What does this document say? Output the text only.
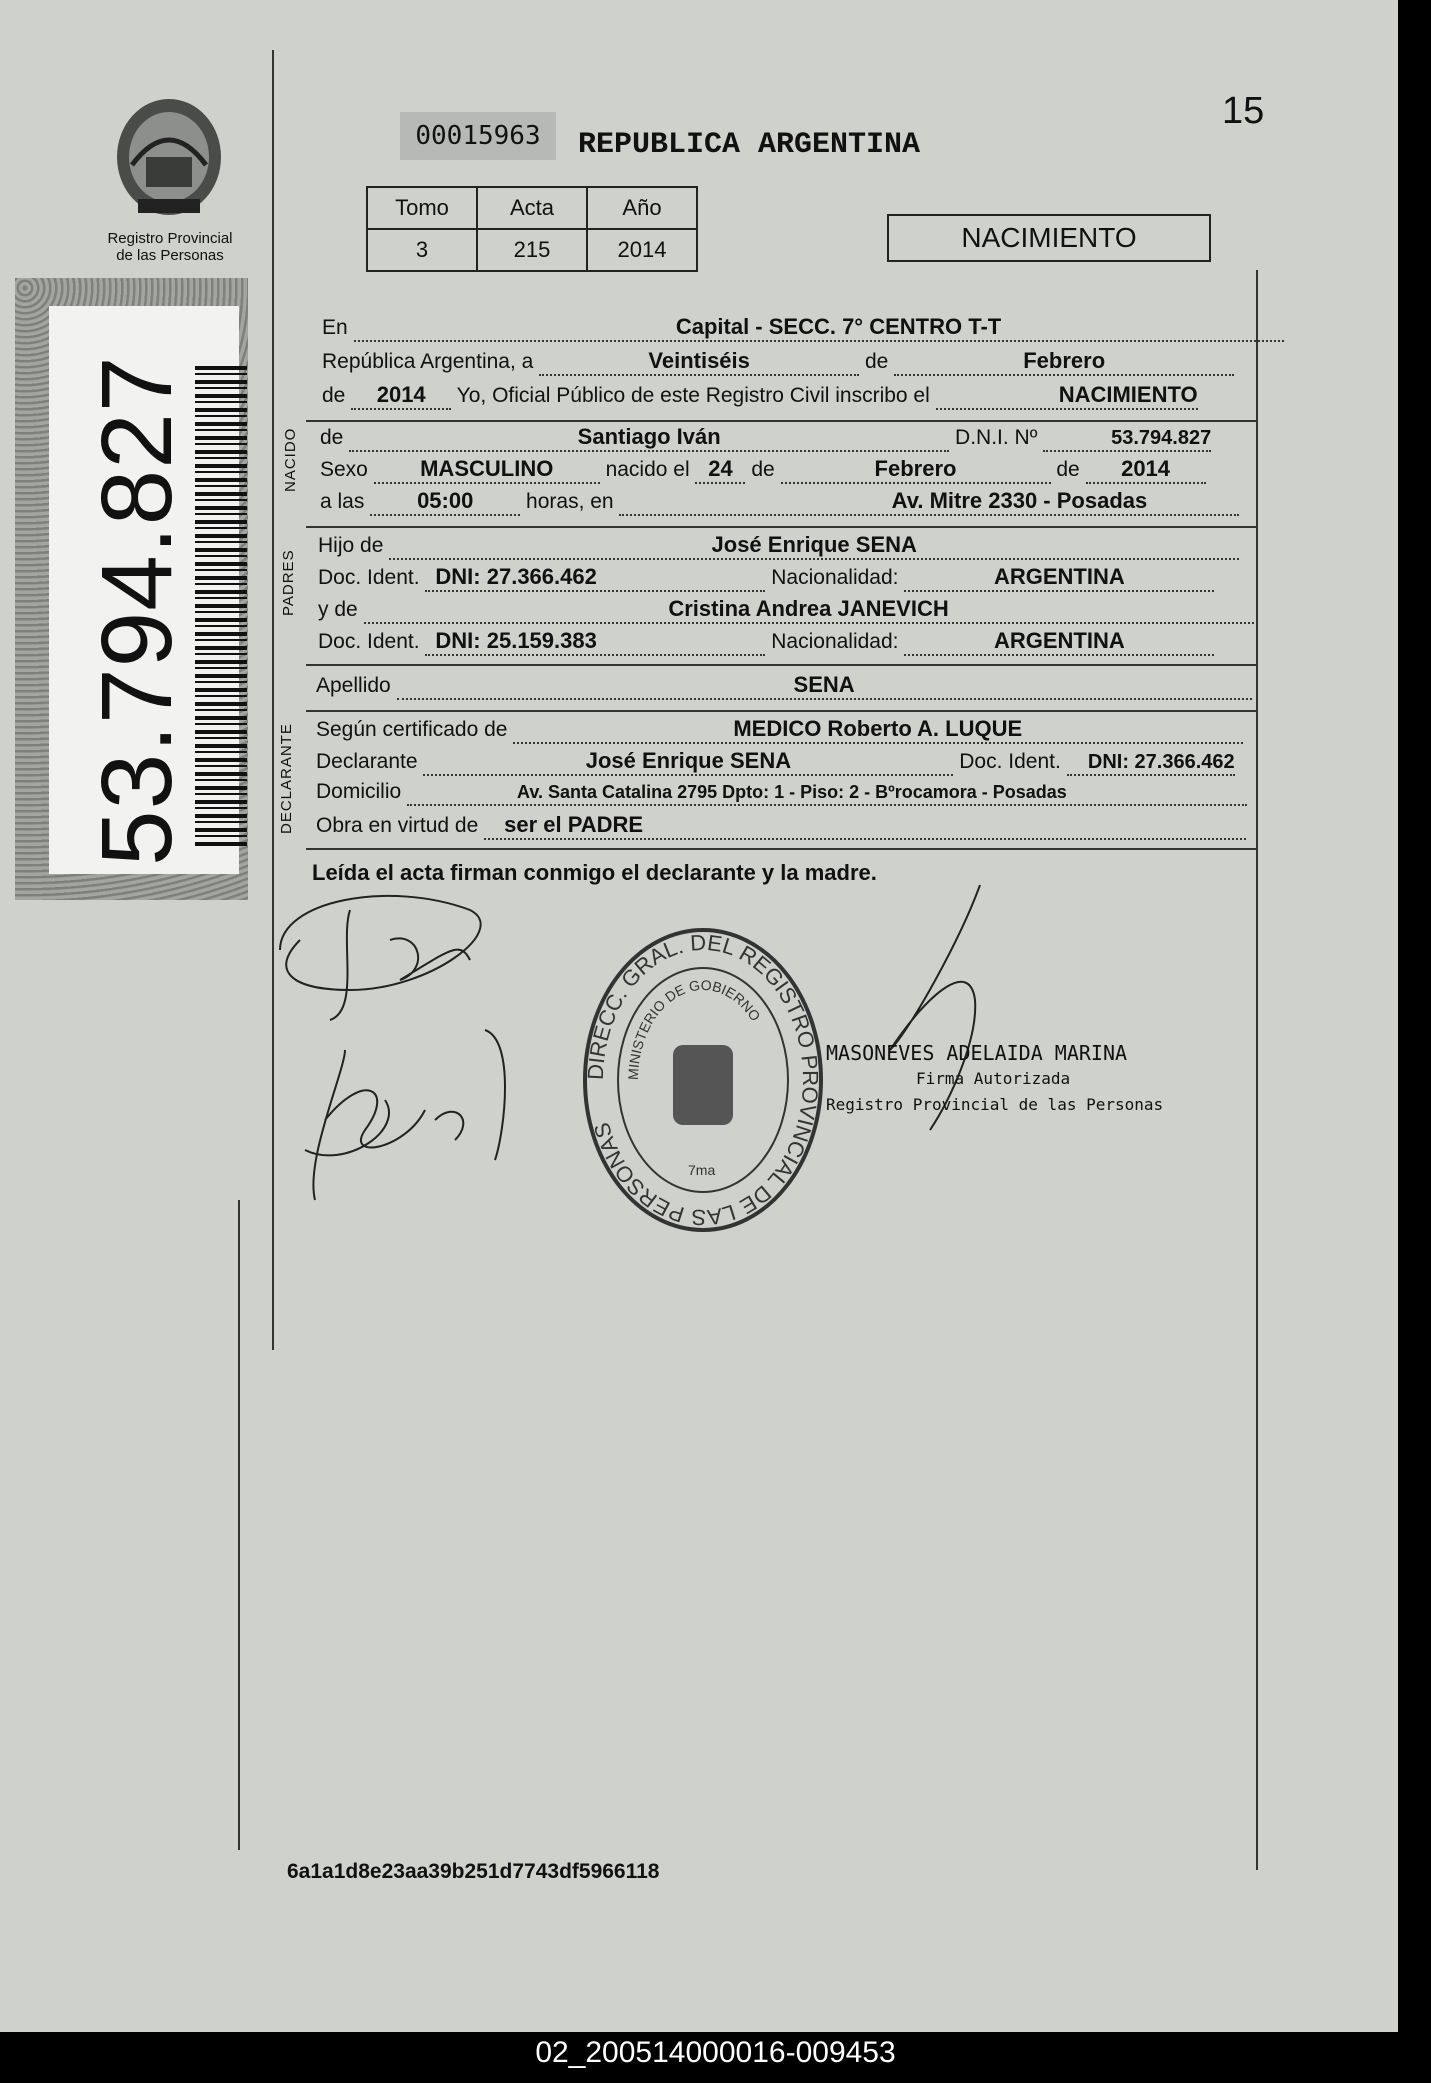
Registro Provincial
de las Personas
53.794.827
00015963	REPUBLICA ARGENTINA
15
Tomo	Acta	Año
3	215	2014	NACIMIENTO
En	Capital - SECC. 7° CENTRO T-T
República Argentina, a	Veintiséis	de	Febrero
de 2014 Yo, Oficial Público de este Registro Civil inscribo el	NACIMIENTO
NACIDO de	Santiago Iván	D.N.I. Nº	53.794.827
Sexo MASCULINO nacido el 24 de	Febrero	de 2014
a las 05:00	horas, en	Av. Mitre 2330 - Posadas
PADRES
Hijo de	José Enrique SENA
Doc. Ident. DNI: 27.366.462	Nacionalidad:	ARGENTINA
y de	Cristina Andrea JANEVICH
Doc. Ident. DNI: 25.159.383	Nacionalidad:	ARGENTINA
Apellido	SENA
DECLARANTE Según certificado de	MEDICO Roberto A. LUQUE
Declarante	José Enrique SENA	Doc. Ident. DNI: 27.366.462
Domicilio	Av. Santa Catalina 2795 Dpto: 1 - Piso: 2 - Bºrocamora - Posadas
Obra en virtud de ser el PADRE
Leída el acta firman conmigo el declarante y la madre.
DIRECC. GRAL. DEL REGISTRO PROVINCIAL DE LAS PERSONAS
MINISTERIO DE GOBIERNO
7ma
MASONEVES ADELAIDA MARINA
Firma Autorizada
Registro Provincial de las Personas
6a1a1d8e23aa39b251d7743df5966118
02_200514000016-009453
